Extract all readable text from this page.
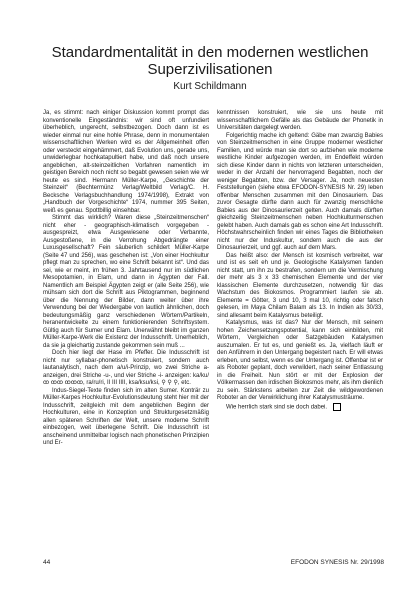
Standardmentalität in den modernen westlichen Superzivilisationen
Kurt Schildmann

Ja, es stimmt: nach einiger Diskussion kommt prompt das konventionelle Eingeständnis: wir sind oft unfundiert überheblich, ungerecht, selbstbezogen. Doch dann ist es wieder einmal nur eine hohle Phrase, denn in monumentalen wissenschaftlichen Werken wird es der Allgemeinheit offen oder versteckt eingehämmert, daß Evolution uns, gerade uns, unwiderlegbar hochkatapultiert habe, und daß noch unsere angeblichen, alt-steinzeitlichen Vorfahren namentlich im geistigen Bereich noch nicht so begabt gewesen seien wie wir heute es sind. Hermann Müller-Karpe, „Geschichte der Steinzeit“ (Bechtermünz Verlag/Weltbild Verlag/C. H. Becksche Verlagsbuchhandlung 1974/1998), Extrakt von „Handbuch der Vorgeschichte“ 1974, nummer 395 Seiten, weiß es genau. Spottbillig einsehbar.

Stimmt das wirklich? Waren diese „Steinzeitmenschen“ nicht eher - geographisch-klimatisch vorgegeben - ausgespreizt, etwa Ausgewiesene oder Verbannte, Ausgestoßene, in die Verrohung Abgedrängte einer Luxusgesellschaft? Fein säuberlich schildert Müller-Karpe (Seite 47 und 256), was geschehen ist: „Von einer Hochkultur pflegt man zu sprechen, wo eine Schrift bekannt ist“. Und das sei, wie er meint, im frühen 3. Jahrtausend nur im südlichen Mesopotamien, in Elam, und dann in Ägypten der Fall. Namentlich am Beispiel Ägypten zeigt er (alle Seite 256), wie mühsam sich dort die Schrift aus Piktogrammen, beginnend über die Nennung der Bilder, dann weiter über ihre Verwendung bei der Wiedergabe von lautlich ähnlichen, doch bedeutungsmäßig ganz verschiedenen Wörtern/Partikeln, heranentwickelte zu einem funktionierenden Schriftsystem. Gültig auch für Sumer und Elam. Unerwähnt bleibt im ganzen Müller-Karpe-Werk die Existenz der Indusschrift. Unerheblich, da sie ja gleichartig zustande gekommen sein muß ...

Doch hier liegt der Hase im Pfeffer. Die Indusschrift ist nicht nur syllabar-phonetisch konstruiert, sondern auch lautanalytisch, nach dem a/u/i-Prinzip, wo zwei Striche a- anzeigen, drei Striche -u-, und vier Striche -i- anzeigen: ka/ku/ ꝏ ꝏꝏ ꝏꝏꝏ, ra/ru/ri, II III IIII, ksa/ksu/ksi, ⚲ ⚲ ⚲, etc.

Indus-Siegel-Texte finden sich im alten Sumer. Konträr zu Müller-Karpes Hochkultur-Evolutionsdeutung steht hier mit der Indusschrift, zeitgleich mit dem angeblichen Beginn der Hochkulturen, eine in Konzeption und Strukturgesetzmäßig allen späteren Schriften der Welt, unsere moderne Schrift einbezogen, weit überlegene Schrift. Die Indusschrift ist anscheinend unmittelbar logisch nach phonetischen Prinzipien und Er-

kenntnissen konstruiert, wie sie uns heute mit wissenschaftlichem Gefälle als das Gebäude der Phonetik in Universitäten dargelegt werden.

Folgerichtig mache ich geltend: Gäbe man zwanzig Babies von Steinzeitmenschen in eine Gruppe moderner westlicher Familien, und würde man sie dort so aufziehen wie moderne westliche Kinder aufgezogen werden, im Endeffekt würden sich diese Kinder dann in nichts von letzteren unterscheiden, weder in der Anzahl der hervorragend Begabten, noch der weniger Begabten, bzw. der Versager. Ja, noch neuesten Feststellungen (siehe etwa EFODON-SYNESIS Nr. 29) leben offenbar Menschen zusammen mit den Dinosauriern. Das zuvor Gesagte dürfte dann auch für zwanzig menschliche Babies aus der Dinosaurierzeit gelten. Auch damals dürften gleichzeitig Steinzeitmenschen neben Hochkulturmenschen gelebt haben. Auch damals gab es schon eine Art Indusschrift. Höchstwahrscheinlich finden wir eines Tages die Bibliotheken nicht nur der Induskultur, sondern auch die aus der Dinosaurierzeit, und ggf. auch auf dem Mars.

Das heißt also: der Mensch ist kosmisch verbreitet, war und ist es seit eh und je. Geologische Katalysmen fanden nicht statt, um ihn zu bestrafen, sondern um die Vermischung der mehr als 3 x 33 chemischen Elemente und der vier klassischen Elemente durchzusetzen, notwendig für das Wachstum des Biokosmos. Programmiert laufen sie ab. Elemente = Götter, 3 und 10, 3 mal 10, richtig oder falsch gelesen, im Maya Chilam Balam als 13. In Indien als 30/33, sind allesamt beim Katalysmus beteiligt.

Katalysmus, was ist das? Nur der Mensch, mit seinem hohen Zeichensetzungspotential, kann sich einbilden, mit Wörtern, Vergleichen oder Satzgebäuden Katalysmen auszumalen. Er tut es, und genießt es. Ja, vielfach läuft er den Anführern in den Untergang begeistert nach. Er will etwas erleben, und selbst, wenn es der Untergang ist. Offenbar ist er als Roboter geplant, doch verwildert, nach seiner Entlassung in die Freiheit. Nun stört er mit der Explosion der Völkermassen den irdischen Biokosmos mehr, als ihm dienlich zu sein. Stärkstens arbeiten zur Zeit die wildgewordenen Roboter an der Verwirklichung ihrer Katalysmusträume.

Wie herrlich stark sind sie doch dabei.

44	EFODON SYNESIS Nr. 29/1998
